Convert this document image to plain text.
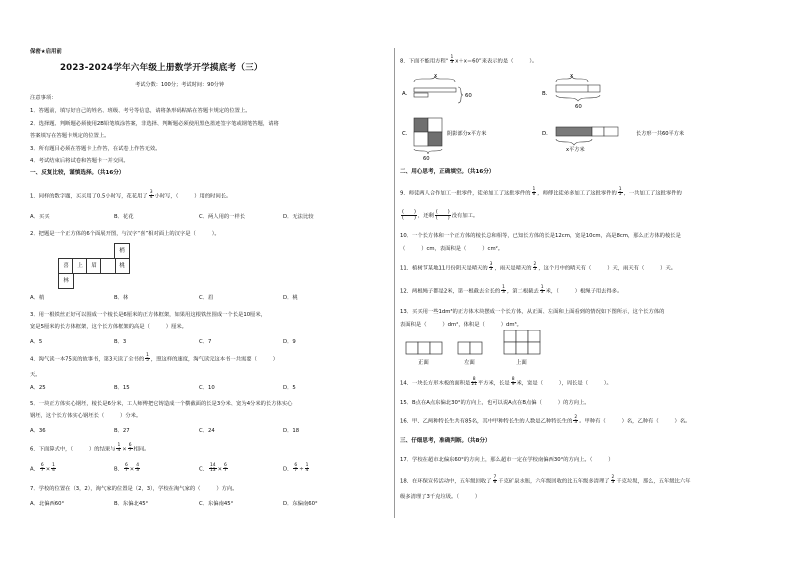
保密★启用前
2023-2024学年六年级上册数学开学摸底考（三）
考试分数：100分；考试时间：90分钟
注意事项：
1．答题前，填写好自己的姓名、班级、考号等信息，请将条形码粘贴在答题卡规定的位置上。
2．选择题、判断题必须使用2B铅笔填涂答案，非选择、判断题必须使用黑色墨迹签字笔或钢笔答题，请将
答案填写在答题卡规定的位置上。
3．所有题目必须在答题卡上作答，在试卷上作答无效。
4．考试结束后将试卷和答题卡一并交回。
一、反复比较，谨慎选择。（共16分）
1．同样的数字题，买买用了0.5小时写，花花用了 $\frac{3}{4}$ 小时写，（　　　）用的时间长。
A．买买	B．花花	C．两人用的一样长	D．无法比较
2．把题是一个正方体的6个面展开图，与汉字“喜”相对面上的汉字是（　　　）。
梢
喜	上	眉	桃
林
A．梢	B．林	C．眉	D．桃
3．用一根铁丝正好可以围成一个棱长是6厘米的正方体框架，如果用这根铁丝围成一个长是10厘米，
宽是5厘米的长方体框架，这个长方体框架的高是（　　　）厘米。
A．5	B．3	C．7	D．9
4．淘气读一本75页的故事书，第3天读了全书的 $\frac{1}{5}$ ，照这样的速度，淘气读完这本书一共需要（　　　）
天。
A．25	B．15	C．10	D．5
5．一块正方体实心钢坯，棱长是6分米，工人师傅把它铸造成一个横截面的长是3分米、宽为4分米的长方体实心
钢坯，这个长方体实心钢坯长（　　　）分米。
A．36	B．27	C．24	D．18
6．下面算式中，（　　　）的结果与 $\frac{1}{4} \times \frac{6}{7}$ 相同。
A． $\frac{6}{7} \times \frac{1}{4}$	B． $\frac{6}{7} \times \frac{4}{3}$	C． $\frac{14}{13} \times \frac{6}{7}$	D． $\frac{6}{7} \div \frac{1}{4}$
7．学校的位置在（3，2），淘气家的位置是（2，3），学校在淘气家的（　　　）方向。
A．北偏西60°	B．东偏北45°	C．东偏南45°	D．东偏南60°
8．下面不能用方程“ $\frac{1}{3} x+x=60$”来表示的是（　　　）。
A．
x
60	B．
x
60
C．	阴影部分x平方米
60
D．
x平方米
长方形一共60平方米
二、用心思考，正确填空。（共16分）
9．师徒两人合作加工一批零件，徒弟加工了这批零件的 $\frac{1}{6}$ ，师傅比徒弟多加工了这批零件的 $\frac{1}{5}$ ，一共加工了这批零件的
$\frac{( )}{( )}$ ，还剩 $\frac{( )}{( )}$ 没有加工。
10．一个长方体和一个正方体的棱长总和相等，已知长方体的长是12cm，宽是10cm，高是8cm，那么正方体的棱长是
（　　　）cm，表面积是（　　　）cm²。
11．植树节某地11月份阴天是晴天的 $\frac{3}{5}$ ，雨天是晴天的 $\frac{2}{5}$ ，这个月中的晴天有（　　　）天，雨天有（　　　）天。
12．两根绳子都是2米，第一根截去全长的 $\frac{1}{3}$ ，第二根截去 $\frac{1}{3}$ 米，（　　　）根绳子用去得多。
13．买买用一些1dm³的正方体木块摆成一个长方体，从正面、左面和上面看到的情况如下图所示，这个长方体的
表面积是（　　　）dm²，体积是（　　　）dm³。
正面	左面	上面
14．一块长方形木板的面积是 $\frac{8}{21}$ 平方米，长是 $\frac{8}{9}$ 米，宽是（　　　），周长是（　　　）。
15．B点在A点东偏北30°的方向上，也可以说A点在B点偏（　　　）的方向上。
16．甲、乙两种特长生共有85名，其中甲种特长生的人数是乙种特长生的 $\frac{2}{3}$ 。甲种有（　　　）名，乙种有（　　　）名。
三、仔细思考，准确判断。（共8分）
17．学校在超市北偏东60°的方向上，那么超市一定在学校南偏西30°的方向上。（　　　）
18．在环保宣传活动中，五年级回收了 $\frac{7}{6}$ 千克矿泉水瓶，六年级回收的比五年级多清理了 $\frac{2}{3}$ 千克垃圾，那么，五年级比六年
级多清理了3千克垃圾。（　　　）
